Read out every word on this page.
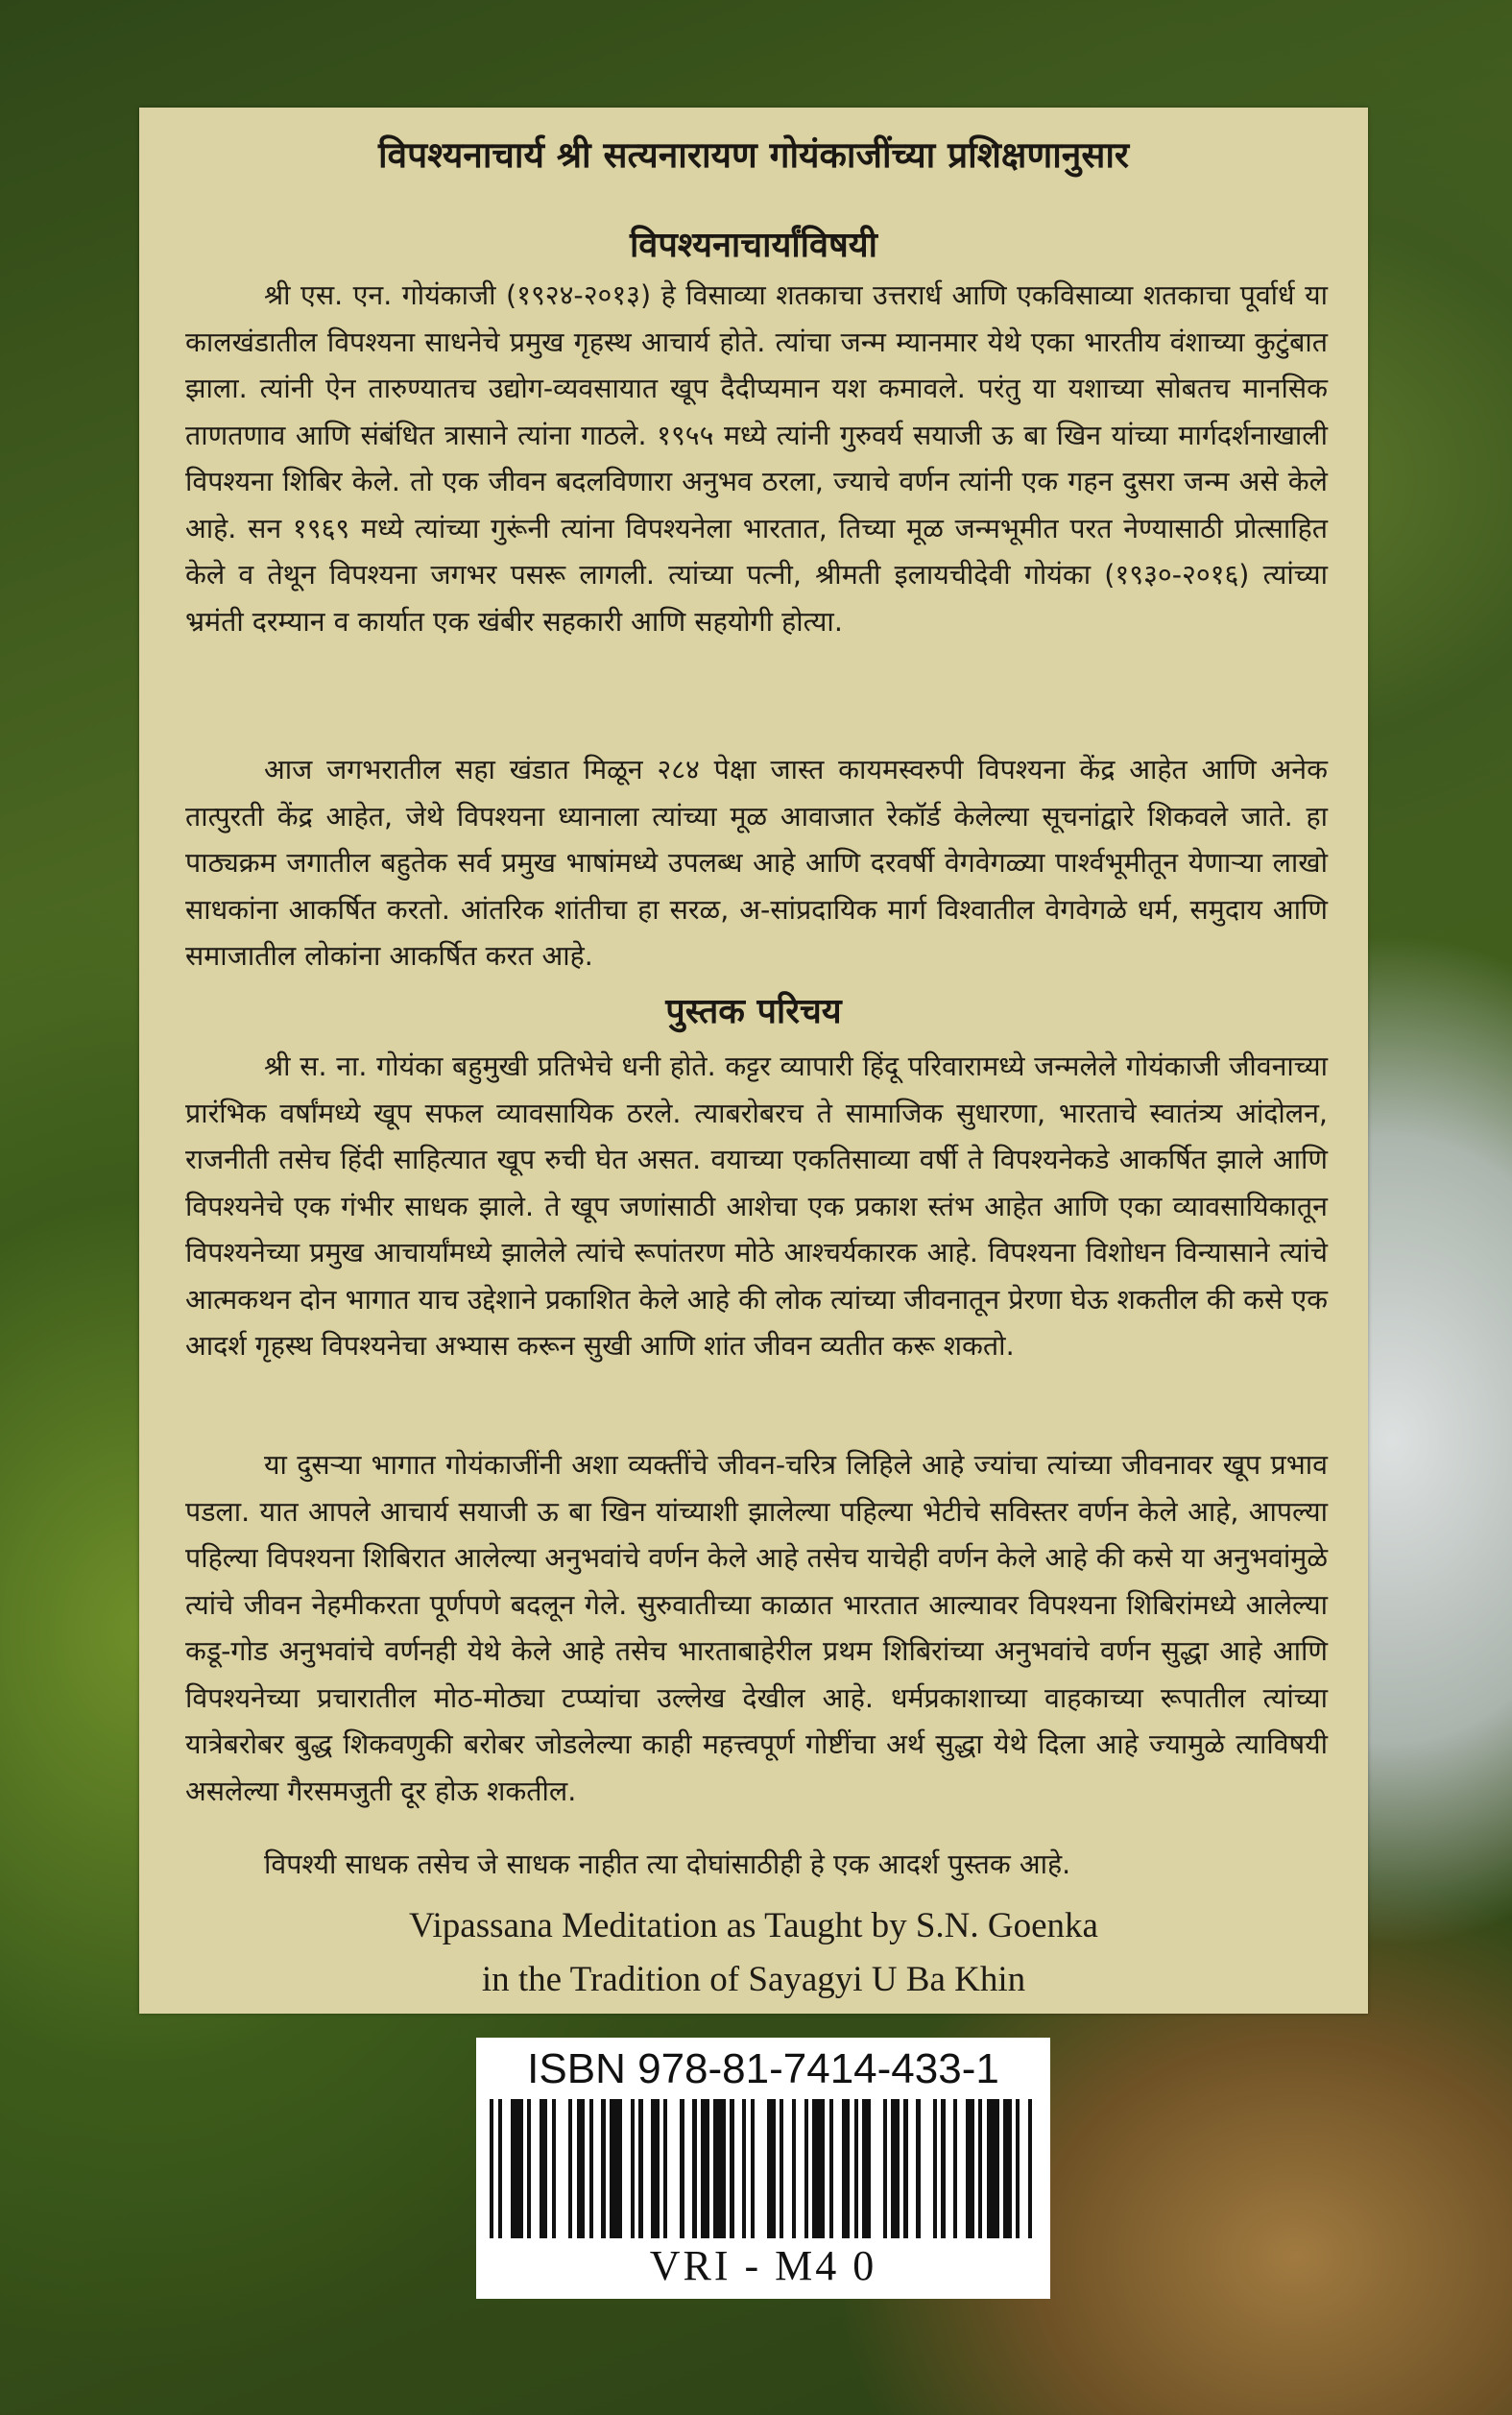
विपश्यनाचार्य श्री सत्यनारायण गोयंकाजींच्या प्रशिक्षणानुसार
विपश्यनाचार्यांविषयी

श्री एस. एन. गोयंकाजी (१९२४-२०१३) हे विसाव्या शतकाचा उत्तरार्ध आणि एकविसाव्या शतकाचा पूर्वार्ध या कालखंडातील विपश्यना साधनेचे प्रमुख गृहस्थ आचार्य होते. त्यांचा जन्म म्यानमार येथे एका भारतीय वंशाच्या कुटुंबात झाला. त्यांनी ऐन तारुण्यातच उद्योग-व्यवसायात खूप दैदीप्यमान यश कमावले. परंतु या यशाच्या सोबतच मानसिक ताणतणाव आणि संबंधित त्रासाने त्यांना गाठले. १९५५ मध्ये त्यांनी गुरुवर्य सयाजी ऊ बा खिन यांच्या मार्गदर्शनाखाली विपश्यना शिबिर केले. तो एक जीवन बदलविणारा अनुभव ठरला, ज्याचे वर्णन त्यांनी एक गहन दुसरा जन्म असे केले आहे. सन १९६९ मध्ये त्यांच्या गुरूंनी त्यांना विपश्यनेला भारतात, तिच्या मूळ जन्मभूमीत परत नेण्यासाठी प्रोत्साहित केले व तेथून विपश्यना जगभर पसरू लागली. त्यांच्या पत्नी, श्रीमती इलायचीदेवी गोयंका (१९३०-२०१६) त्यांच्या भ्रमंती दरम्यान व कार्यात एक खंबीर सहकारी आणि सहयोगी होत्या.

आज जगभरातील सहा खंडात मिळून २८४ पेक्षा जास्त कायमस्वरुपी विपश्यना केंद्र आहेत आणि अनेक तात्पुरती केंद्र आहेत, जेथे विपश्यना ध्यानाला त्यांच्या मूळ आवाजात रेकॉर्ड केलेल्या सूचनांद्वारे शिकवले जाते. हा पाठ्यक्रम जगातील बहुतेक सर्व प्रमुख भाषांमध्ये उपलब्ध आहे आणि दरवर्षी वेगवेगळ्या पार्श्वभूमीतून येणाऱ्या लाखो साधकांना आकर्षित करतो. आंतरिक शांतीचा हा सरळ, अ-सांप्रदायिक मार्ग विश्वातील वेगवेगळे धर्म, समुदाय आणि समाजातील लोकांना आकर्षित करत आहे.

पुस्तक परिचय

श्री स. ना. गोयंका बहुमुखी प्रतिभेचे धनी होते. कट्टर व्यापारी हिंदू परिवारामध्ये जन्मलेले गोयंकाजी जीवनाच्या प्रारंभिक वर्षांमध्ये खूप सफल व्यावसायिक ठरले. त्याबरोबरच ते सामाजिक सुधारणा, भारताचे स्वातंत्र्य आंदोलन, राजनीती तसेच हिंदी साहित्यात खूप रुची घेत असत. वयाच्या एकतिसाव्या वर्षी ते विपश्यनेकडे आकर्षित झाले आणि विपश्यनेचे एक गंभीर साधक झाले. ते खूप जणांसाठी आशेचा एक प्रकाश स्तंभ आहेत आणि एका व्यावसायिकातून विपश्यनेच्या प्रमुख आचार्यांमध्ये झालेले त्यांचे रूपांतरण मोठे आश्चर्यकारक आहे. विपश्यना विशोधन विन्यासाने त्यांचे आत्मकथन दोन भागात याच उद्देशाने प्रकाशित केले आहे की लोक त्यांच्या जीवनातून प्रेरणा घेऊ शकतील की कसे एक आदर्श गृहस्थ विपश्यनेचा अभ्यास करून सुखी आणि शांत जीवन व्यतीत करू शकतो.

या दुसऱ्या भागात गोयंकाजींनी अशा व्यक्तींचे जीवन-चरित्र लिहिले आहे ज्यांचा त्यांच्या जीवनावर खूप प्रभाव पडला. यात आपले आचार्य सयाजी ऊ बा खिन यांच्याशी झालेल्या पहिल्या भेटीचे सविस्तर वर्णन केले आहे, आपल्या पहिल्या विपश्यना शिबिरात आलेल्या अनुभवांचे वर्णन केले आहे तसेच याचेही वर्णन केले आहे की कसे या अनुभवांमुळे त्यांचे जीवन नेहमीकरता पूर्णपणे बदलून गेले. सुरुवातीच्या काळात भारतात आल्यावर विपश्यना शिबिरांमध्ये आलेल्या कडू-गोड अनुभवांचे वर्णनही येथे केले आहे तसेच भारताबाहेरील प्रथम शिबिरांच्या अनुभवांचे वर्णन सुद्धा आहे आणि विपश्यनेच्या प्रचारातील मोठ-मोठ्या टप्प्यांचा उल्लेख देखील आहे. धर्मप्रकाशाच्या वाहकाच्या रूपातील त्यांच्या यात्रेबरोबर बुद्ध शिकवणुकी बरोबर जोडलेल्या काही महत्त्वपूर्ण गोष्टींचा अर्थ सुद्धा येथे दिला आहे ज्यामुळे त्याविषयी असलेल्या गैरसमजुती दूर होऊ शकतील.

विपश्यी साधक तसेच जे साधक नाहीत त्या दोघांसाठीही हे एक आदर्श पुस्तक आहे.

Vipassana Meditation as Taught by S.N. Goenka
in the Tradition of Sayagyi U Ba Khin
ISBN 978-81-7414-433-1
VRI - M4 0
